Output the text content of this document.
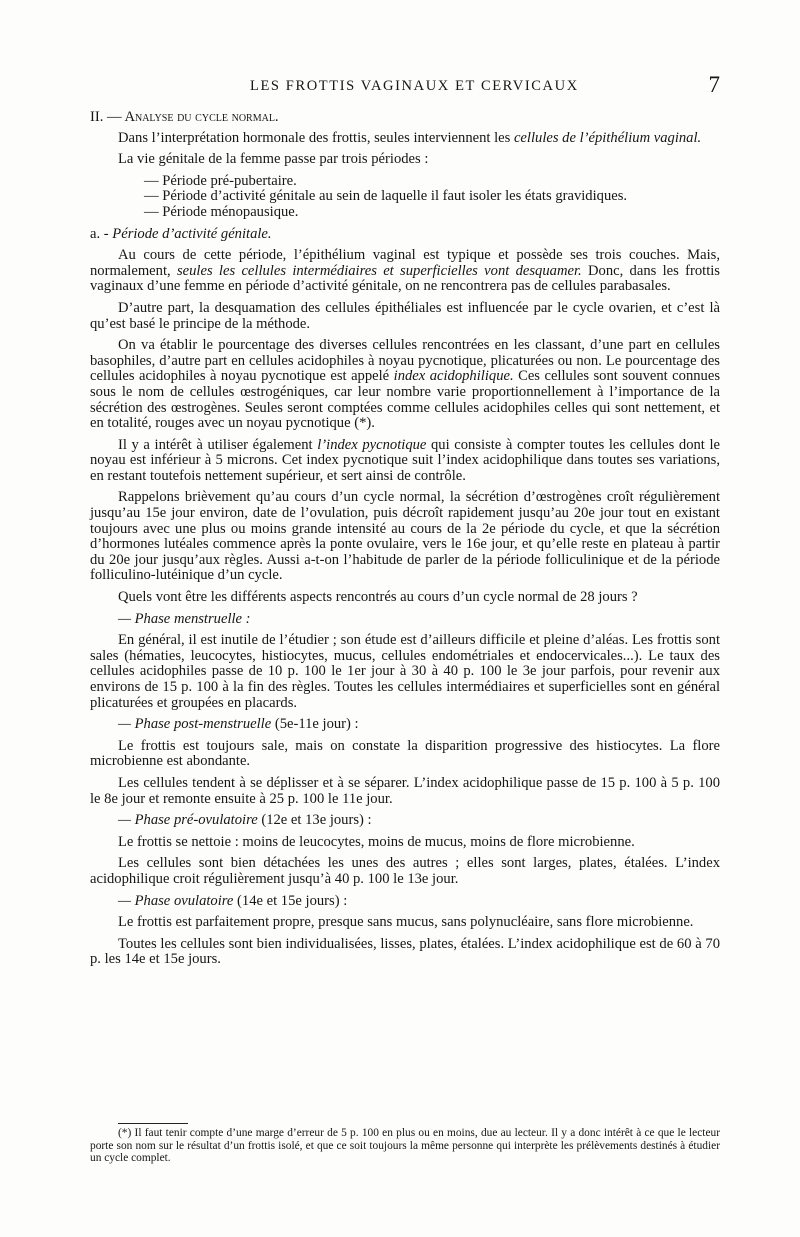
LES FROTTIS VAGINAUX ET CERVICAUX	7

II. — Analyse du cycle normal.

Dans l’interprétation hormonale des frottis, seules interviennent les cellules de l’épithélium vaginal.

La vie génitale de la femme passe par trois périodes :

— Période pré-pubertaire.
— Période d’activité génitale au sein de laquelle il faut isoler les états gravidiques.
— Période ménopausique.

a. - Période d’activité génitale.

Au cours de cette période, l’épithélium vaginal est typique et possède ses trois couches. Mais, normalement, seules les cellules intermédiaires et superficielles vont desquamer. Donc, dans les frottis vaginaux d’une femme en période d’activité génitale, on ne rencontrera pas de cellules parabasales.

D’autre part, la desquamation des cellules épithéliales est influencée par le cycle ovarien, et c’est là qu’est basé le principe de la méthode.

On va établir le pourcentage des diverses cellules rencontrées en les classant, d’une part en cellules basophiles, d’autre part en cellules acidophiles à noyau pycnotique, plicaturées ou non. Le pourcentage des cellules acidophiles à noyau pycnotique est appelé index acidophilique. Ces cellules sont souvent connues sous le nom de cellules œstrogéniques, car leur nombre varie proportionnellement à l’importance de la sécrétion des œstrogènes. Seules seront comptées comme cellules acidophiles celles qui sont nettement, et en totalité, rouges avec un noyau pycnotique (*).

Il y a intérêt à utiliser également l’index pycnotique qui consiste à compter toutes les cellules dont le noyau est inférieur à 5 microns. Cet index pycnotique suit l’index acidophilique dans toutes ses variations, en restant toutefois nettement supérieur, et sert ainsi de contrôle.

Rappelons brièvement qu’au cours d’un cycle normal, la sécrétion d’œstrogènes croît régulièrement jusqu’au 15e jour environ, date de l’ovulation, puis décroît rapidement jusqu’au 20e jour tout en existant toujours avec une plus ou moins grande intensité au cours de la 2e période du cycle, et que la sécrétion d’hormones lutéales commence après la ponte ovulaire, vers le 16e jour, et qu’elle reste en plateau à partir du 20e jour jusqu’aux règles. Aussi a-t-on l’habitude de parler de la période folliculinique et de la période folliculino-lutéinique d’un cycle.

Quels vont être les différents aspects rencontrés au cours d’un cycle normal de 28 jours ?

— Phase menstruelle :

En général, il est inutile de l’étudier ; son étude est d’ailleurs difficile et pleine d’aléas. Les frottis sont sales (hématies, leucocytes, histiocytes, mucus, cellules endométriales et endocervicales...). Le taux des cellules acidophiles passe de 10 p. 100 le 1er jour à 30 à 40 p. 100 le 3e jour parfois, pour revenir aux environs de 15 p. 100 à la fin des règles. Toutes les cellules intermédiaires et superficielles sont en général plicaturées et groupées en placards.

— Phase post-menstruelle (5e-11e jour) :

Le frottis est toujours sale, mais on constate la disparition progressive des histiocytes. La flore microbienne est abondante.

Les cellules tendent à se déplisser et à se séparer. L’index acidophilique passe de 15 p. 100 à 5 p. 100 le 8e jour et remonte ensuite à 25 p. 100 le 11e jour.

— Phase pré-ovulatoire (12e et 13e jours) :

Le frottis se nettoie : moins de leucocytes, moins de mucus, moins de flore microbienne.

Les cellules sont bien détachées les unes des autres ; elles sont larges, plates, étalées. L’index acidophilique croit régulièrement jusqu’à 40 p. 100 le 13e jour.

— Phase ovulatoire (14e et 15e jours) :

Le frottis est parfaitement propre, presque sans mucus, sans polynucléaire, sans flore microbienne.

Toutes les cellules sont bien individualisées, lisses, plates, étalées. L’index acidophilique est de 60 à 70 p. les 14e et 15e jours.

(*) Il faut tenir compte d’une marge d’erreur de 5 p. 100 en plus ou en moins, due au lecteur. Il y a donc intérêt à ce que le lecteur porte son nom sur le résultat d’un frottis isolé, et que ce soit toujours la même personne qui interprète les prélèvements destinés à étudier un cycle complet.
